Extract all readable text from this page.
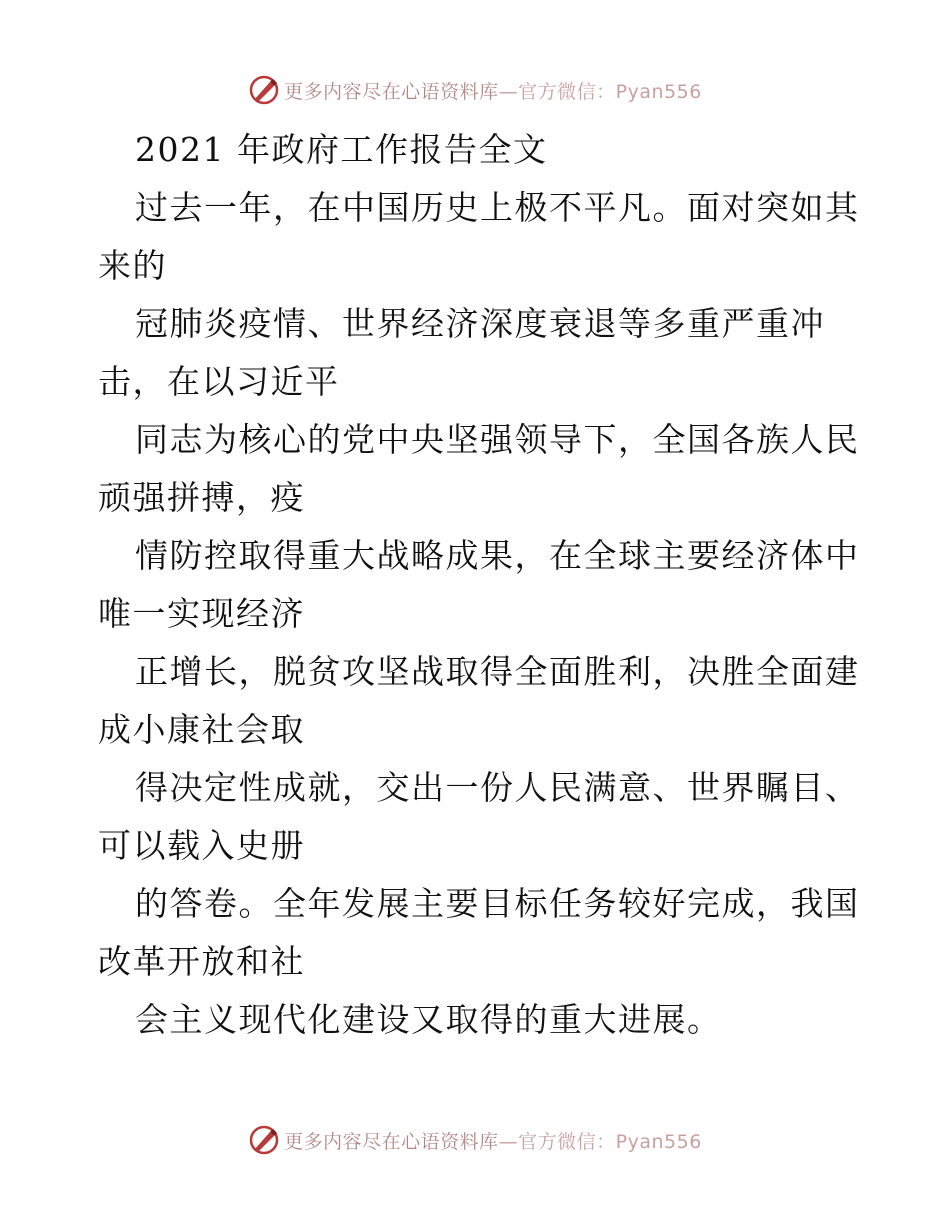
更多内容尽在心语资料库—官方微信：Pyan556
2021 年政府工作报告全文
过去一年，在中国历史上极不平凡。面对突如其
来的
冠肺炎疫情、世界经济深度衰退等多重严重冲
击，在以习近平
同志为核心的党中央坚强领导下，全国各族人民
顽强拼搏，疫
情防控取得重大战略成果，在全球主要经济体中
唯一实现经济
正增长，脱贫攻坚战取得全面胜利，决胜全面建
成小康社会取
得决定性成就，交出一份人民满意、世界瞩目、
可以载入史册
的答卷。全年发展主要目标任务较好完成，我国
改革开放和社
会主义现代化建设又取得的重大进展。
更多内容尽在心语资料库—官方微信：Pyan556
